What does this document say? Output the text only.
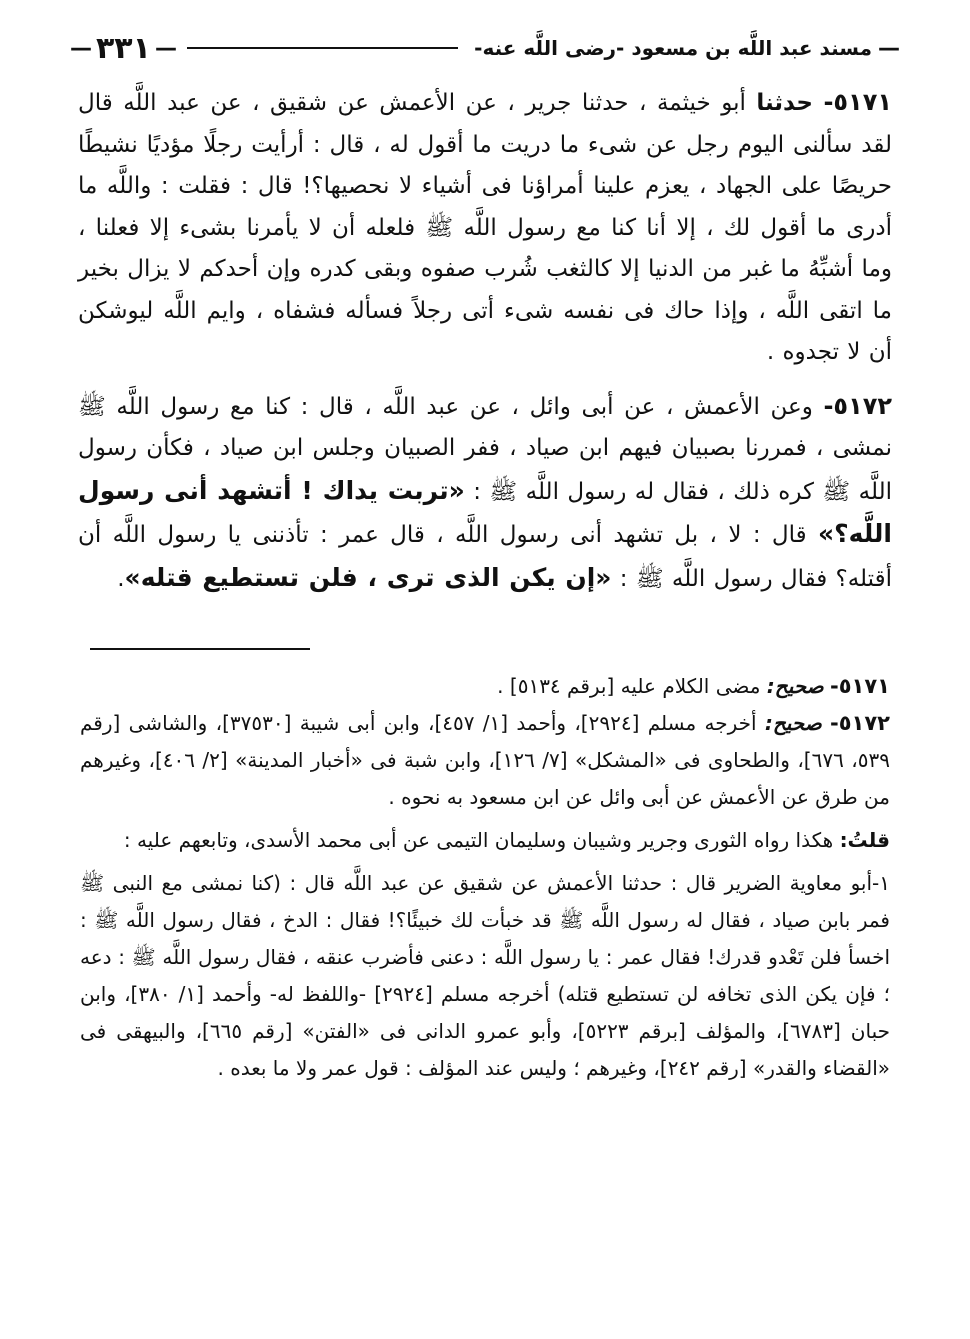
—
مسند عبد اللَّه بن مسعود -رضى اللَّه عنه-
—
٣٣١
—

٥١٧١- حدثنا أبو خيثمة ، حدثنا جرير ، عن الأعمش عن شقيق ، عن عبد اللَّه قال لقد سألنى اليوم رجل عن شىء ما دريت ما أقول له ، قال : أرأيت رجلًا مؤديًا نشيطًا حريصًا على الجهاد ، يعزم علينا أمراؤنا فى أشياء لا نحصيها؟! قال : فقلت : واللَّه ما أدرى ما أقول لك ، إلا أنا كنا مع رسول اللَّه ﷺ فلعله أن لا يأمرنا بشىء إلا فعلنا ، وما أشبِّهُ ما غبر من الدنيا إلا كالثغب شُرب صفوه وبقى كدره وإن أحدكم لا يزال بخير ما اتقى اللَّه ، وإذا حاك فى نفسه شىء أتى رجلاً فسأله فشفاه ، وايم اللَّه ليوشكن أن لا تجدوه .

٥١٧٢- وعن الأعمش ، عن أبى وائل ، عن عبد اللَّه ، قال : كنا مع رسول اللَّه ﷺ نمشى ، فمررنا بصبيان فيهم ابن صياد ، ففر الصبيان وجلس ابن صياد ، فكأن رسول اللَّه ﷺ كره ذلك ، فقال له رسول اللَّه ﷺ : «تربت يداك ! أتشهد أنى رسول اللَّه؟» قال : لا ، بل تشهد أنى رسول اللَّه ، قال عمر : تأذننى يا رسول اللَّه أن أقتله؟ فقال رسول اللَّه ﷺ : «إن يكن الذى ترى ، فلن تستطيع قتله».

٥١٧١- صحيح: مضى الكلام عليه [برقم ٥١٣٤] .

٥١٧٢- صحيح: أخرجه مسلم [٢٩٢٤]، وأحمد [١/ ٤٥٧]، وابن أبى شيبة [٣٧٥٣٠]، والشاشى [رقم ٥٣٩، ٦٧٦]، والطحاوى فى «المشكل» [٧/ ١٢٦]، وابن شبة فى «أخبار المدينة» [٢/ ٤٠٦]، وغيرهم من طرق عن الأعمش عن أبى وائل عن ابن مسعود به نحوه .

قلتُ: هكذا رواه الثورى وجرير وشيبان وسليمان التيمى عن أبى محمد الأسدى، وتابعهم عليه :

١-أبو معاوية الضرير قال : حدثنا الأعمش عن شقيق عن عبد اللَّه قال : (كنا نمشى مع النبى ﷺ فمر بابن صياد ، فقال له رسول اللَّه ﷺ قد خبأت لك خبيئًا؟! فقال : الدخ ، فقال رسول اللَّه ﷺ : اخسأ فلن تَعْدو قدرك! فقال عمر : يا رسول اللَّه : دعنى فأضرب عنقه ، فقال رسول اللَّه ﷺ : دعه ؛ فإن يكن الذى تخافه لن تستطيع قتله) أخرجه مسلم [٢٩٢٤] -واللفظ له- وأحمد [١/ ٣٨٠]، وابن حبان [٦٧٨٣]، والمؤلف [برقم ٥٢٢٣]، وأبو عمرو الدانى فى «الفتن» [رقم ٦٦٥]، والبيهقى فى «القضاء والقدر» [رقم ٢٤٢]، وغيرهم ؛ وليس عند المؤلف : قول عمر ولا ما بعده .
